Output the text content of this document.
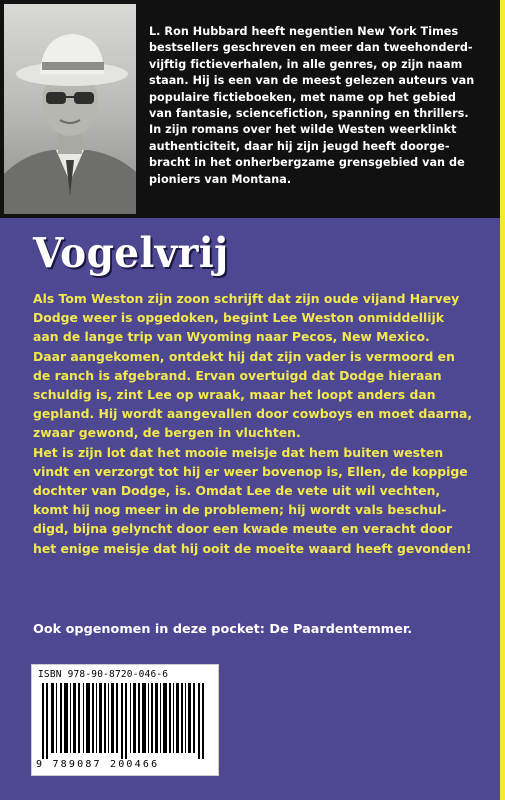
L. Ron Hubbard heeft negentien New York Times
bestsellers geschreven en meer dan tweehonderd-
vijftig fictieverhalen, in alle genres, op zijn naam
staan. Hij is een van de meest gelezen auteurs van
populaire fictieboeken, met name op het gebied
van fantasie, sciencefiction, spanning en thrillers.
In zijn romans over het wilde Westen weerklinkt
authenticiteit, daar hij zijn jeugd heeft doorge-
bracht in het onherbergzame grensgebied van de
pioniers van Montana.
Vogelvrij
Als Tom Weston zijn zoon schrijft dat zijn oude vijand Harvey
Dodge weer is opgedoken, begint Lee Weston onmiddellijk
aan de lange trip van Wyoming naar Pecos, New Mexico.
Daar aangekomen, ontdekt hij dat zijn vader is vermoord en
de ranch is afgebrand. Ervan overtuigd dat Dodge hieraan
schuldig is, zint Lee op wraak, maar het loopt anders dan
gepland. Hij wordt aangevallen door cowboys en moet daarna,
zwaar gewond, de bergen in vluchten.
Het is zijn lot dat het mooie meisje dat hem buiten westen
vindt en verzorgt tot hij er weer bovenop is, Ellen, de koppige
dochter van Dodge, is. Omdat Lee de vete uit wil vechten,
komt hij nog meer in de problemen; hij wordt vals beschul-
digd, bijna gelyncht door een kwade meute en veracht door
het enige meisje dat hij ooit de moeite waard heeft gevonden!
Ook opgenomen in deze pocket: De Paardentemmer.
ISBN 978-90-8720-046-6
9 789087 200466
